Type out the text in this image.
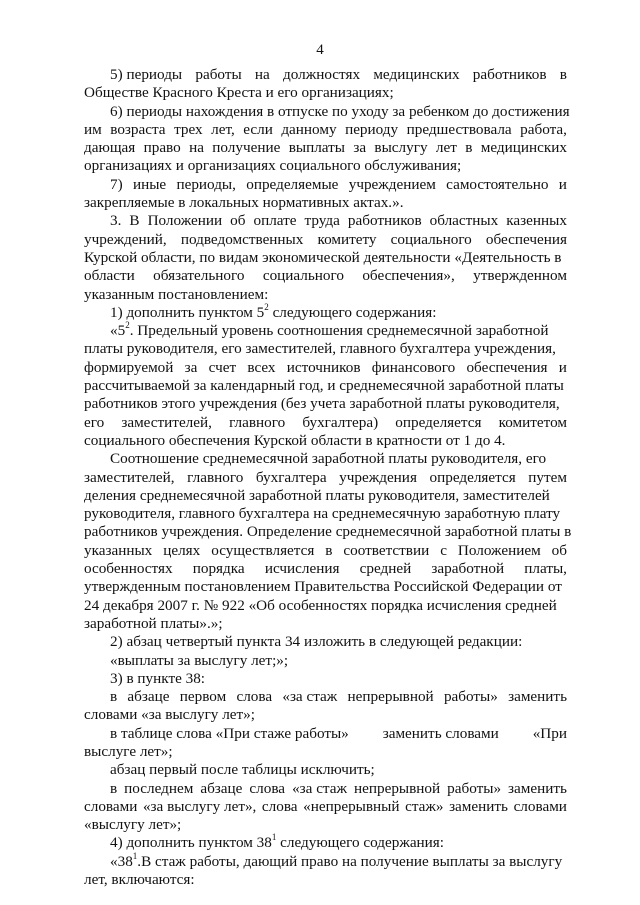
4
5) периоды работы на должностях медицинских работников в
Обществе Красного Креста и его организациях;
6) периоды нахождения в отпуске по уходу за ребенком до достижения
им возраста трех лет, если данному периоду предшествовала работа,
дающая право на получение выплаты за выслугу лет в медицинских
организациях и организациях социального обслуживания;
7) иные периоды, определяемые учреждением самостоятельно и
закрепляемые в локальных нормативных актах.».
3. В Положении об оплате труда работников областных казенных
учреждений, подведомственных комитету социального обеспечения
Курской области, по видам экономической деятельности «Деятельность в
области обязательного социального обеспечения», утвержденном
указанным постановлением:
1) дополнить пунктом $5^2$ следующего содержания:
«$5^2$. Предельный уровень соотношения среднемесячной заработной
платы руководителя, его заместителей, главного бухгалтера учреждения,
формируемой за счет всех источников финансового обеспечения и
рассчитываемой за календарный год, и среднемесячной заработной платы
работников этого учреждения (без учета заработной платы руководителя,
его заместителей, главного бухгалтера) определяется комитетом
социального обеспечения Курской области в кратности от 1 до 4.
Соотношение среднемесячной заработной платы руководителя, его
заместителей, главного бухгалтера учреждения определяется путем
деления среднемесячной заработной платы руководителя, заместителей
руководителя, главного бухгалтера на среднемесячную заработную плату
работников учреждения. Определение среднемесячной заработной платы в
указанных целях осуществляется в соответствии с Положением об
особенностях порядка исчисления средней заработной платы,
утвержденным постановлением Правительства Российской Федерации от
24 декабря 2007 г. № 922 «Об особенностях порядка исчисления средней
заработной платы».»;
2) абзац четвертый пункта 34 изложить в следующей редакции:
«выплаты за выслугу лет;»;
3) в пункте 38:
в абзаце первом слова «за стаж непрерывной работы» заменить
словами «за выслугу лет»;
в таблице слова «При стаже работы» заменить словами «При
выслуге лет»;
абзац первый после таблицы исключить;
в последнем абзаце слова «за стаж непрерывной работы» заменить
словами «за выслугу лет», слова «непрерывный стаж» заменить словами
«выслугу лет»;
4) дополнить пунктом $38^1$ следующего содержания:
«$38^1.В$ стаж работы, дающий право на получение выплаты за выслугу
лет, включаются:
